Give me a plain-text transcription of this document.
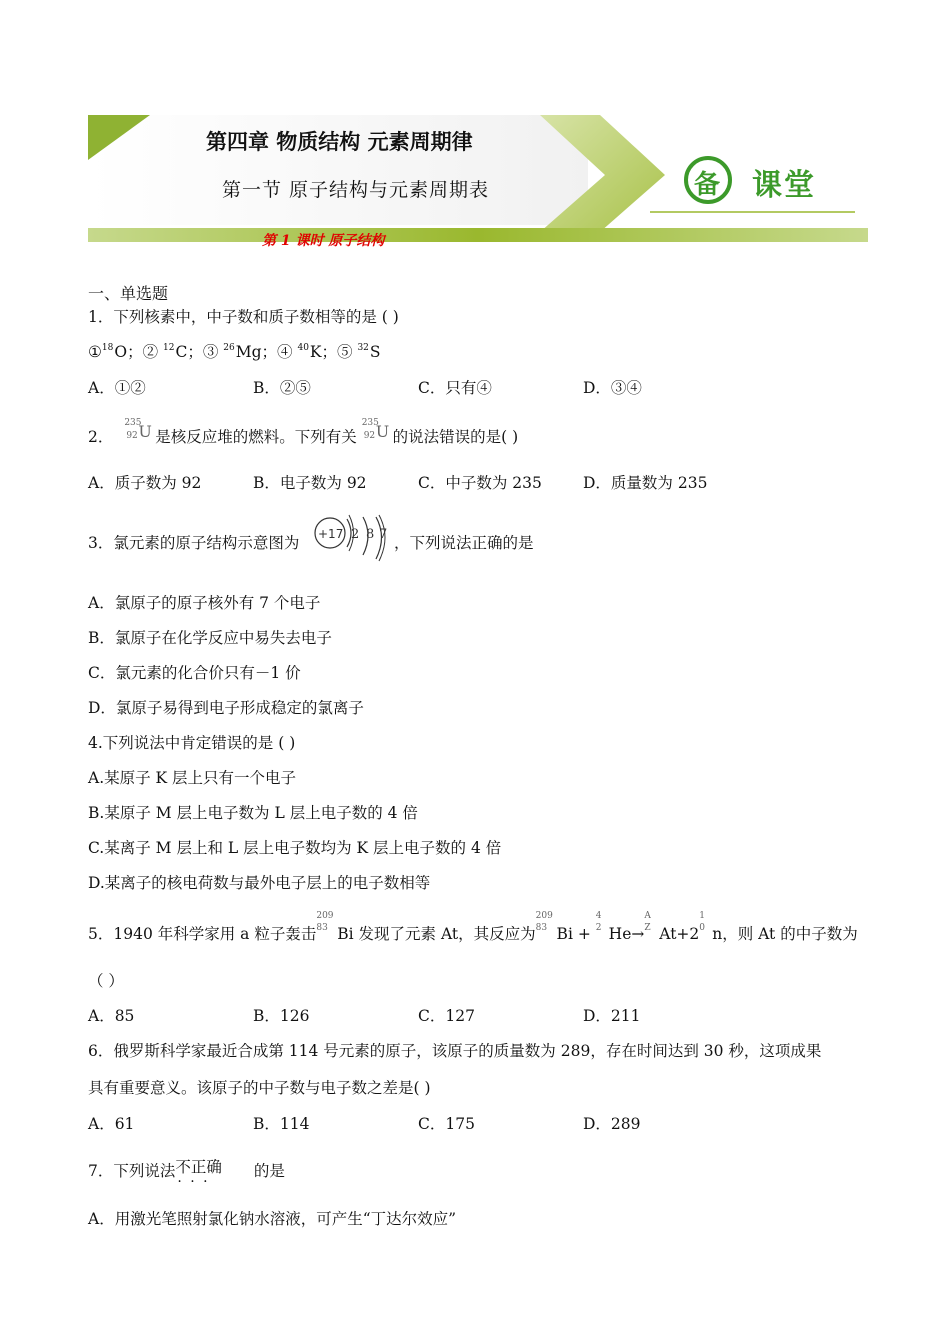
第四章 物质结构 元素周期律
第一节 原子结构与元素周期表
第 1 课时 原子结构
备 课堂
一、单选题
1．下列核素中，中子数和质子数相等的是 ( )
①$^{18}$O；② $^{12}$C；③ $^{26}$Mg；④ $^{40}$K；⑤ $^{32}$S
A．①②	B．②⑤	C．只有④	D．③④
2．
235
92 U 是核反应堆的燃料。下列有关
235
92 U 的说法错误的是( )
A．质子数为 92	B．电子数为 92	C．中子数为 235	D．质量数为 235
3．氯元素的原子结构示意图为 +17 2 8 7 ，下列说法正确的是
A．氯原子的原子核外有 7 个电子
B．氯原子在化学反应中易失去电子
C．氯元素的化合价只有－1 价
D．氯原子易得到电子形成稳定的氯离子
4.下列说法中肯定错误的是 ( )
A.某原子 K 层上只有一个电子
B.某原子 M 层上电子数为 L 层上电子数的 4 倍
C.某离子 M 层上和 L 层上电子数均为 K 层上电子数的 4 倍
D.某离子的核电荷数与最外电子层上的电子数相等
5．1940 年科学家用 a 粒子轰击
209
83 Bi 发现了元素 At，其反应为
209
83 Bi +
4
2 He→
A
Z At+2
1
0 n，则 At 的中子数为
（ ）
A．85	B．126	C．127	D．211
6．俄罗斯科学家最近合成第 114 号元素的原子，该原子的质量数为 289，存在时间达到 30 秒，这项成果
具有重要意义。该原子的中子数与电子数之差是( )
A．61	B．114	C．175	D．289
7．下列说法不正确 · · · 的是
A．用激光笔照射氯化钠水溶液，可产生“丁达尔效应”
